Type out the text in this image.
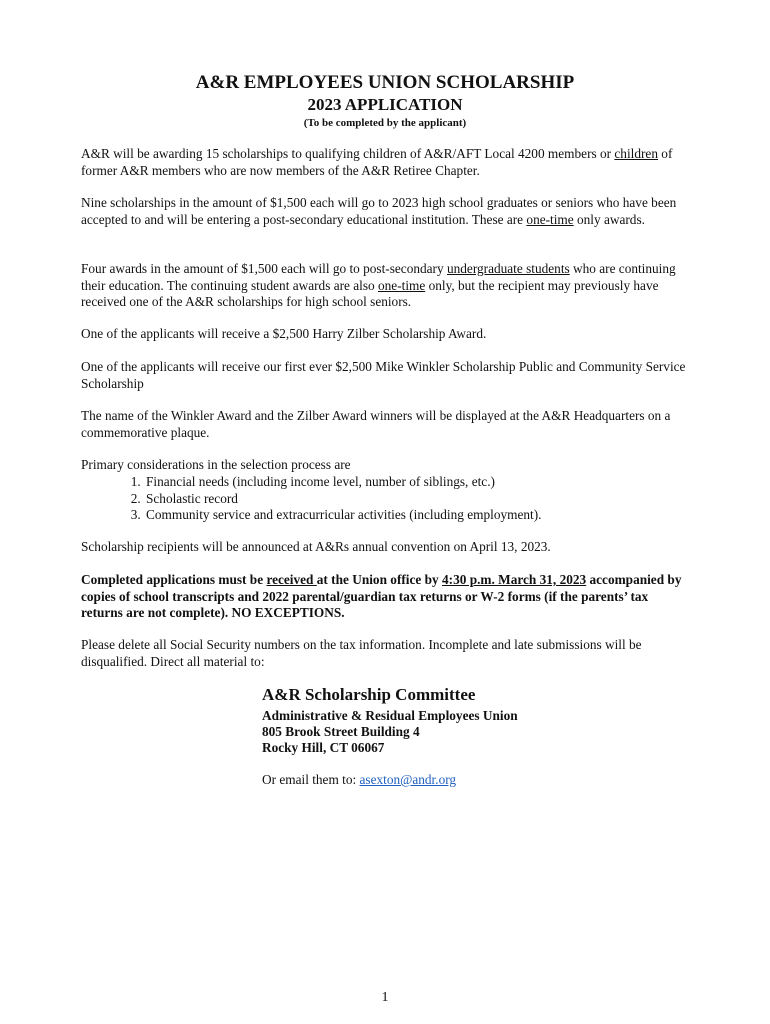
A&R EMPLOYEES UNION SCHOLARSHIP
2023 APPLICATION
(To be completed by the applicant)
A&R will be awarding 15 scholarships to qualifying children of A&R/AFT Local 4200 members or children of former A&R members who are now members of the A&R Retiree Chapter.
Nine scholarships in the amount of $1,500 each will go to 2023 high school graduates or seniors who have been accepted to and will be entering a post-secondary educational institution. These are one-time only awards.
Four awards in the amount of $1,500 each will go to post-secondary undergraduate students who are continuing their education. The continuing student awards are also one-time only, but the recipient may previously have received one of the A&R scholarships for high school seniors.
One of the applicants will receive a $2,500 Harry Zilber Scholarship Award.
One of the applicants will receive our first ever $2,500 Mike Winkler Scholarship Public and Community Service Scholarship
The name of the Winkler Award and the Zilber Award winners will be displayed at the A&R Headquarters on a commemorative plaque.
Primary considerations in the selection process are
1. Financial needs (including income level, number of siblings, etc.)
2. Scholastic record
3. Community service and extracurricular activities (including employment).
Scholarship recipients will be announced at A&Rs annual convention on April 13, 2023.
Completed applications must be received at the Union office by 4:30 p.m. March 31, 2023 accompanied by copies of school transcripts and 2022 parental/guardian tax returns or W-2 forms (if the parents’ tax returns are not complete). NO EXCEPTIONS.
Please delete all Social Security numbers on the tax information. Incomplete and late submissions will be disqualified. Direct all material to:
A&R Scholarship Committee
Administrative & Residual Employees Union
805 Brook Street Building 4
Rocky Hill, CT 06067
Or email them to: asexton@andr.org
1
